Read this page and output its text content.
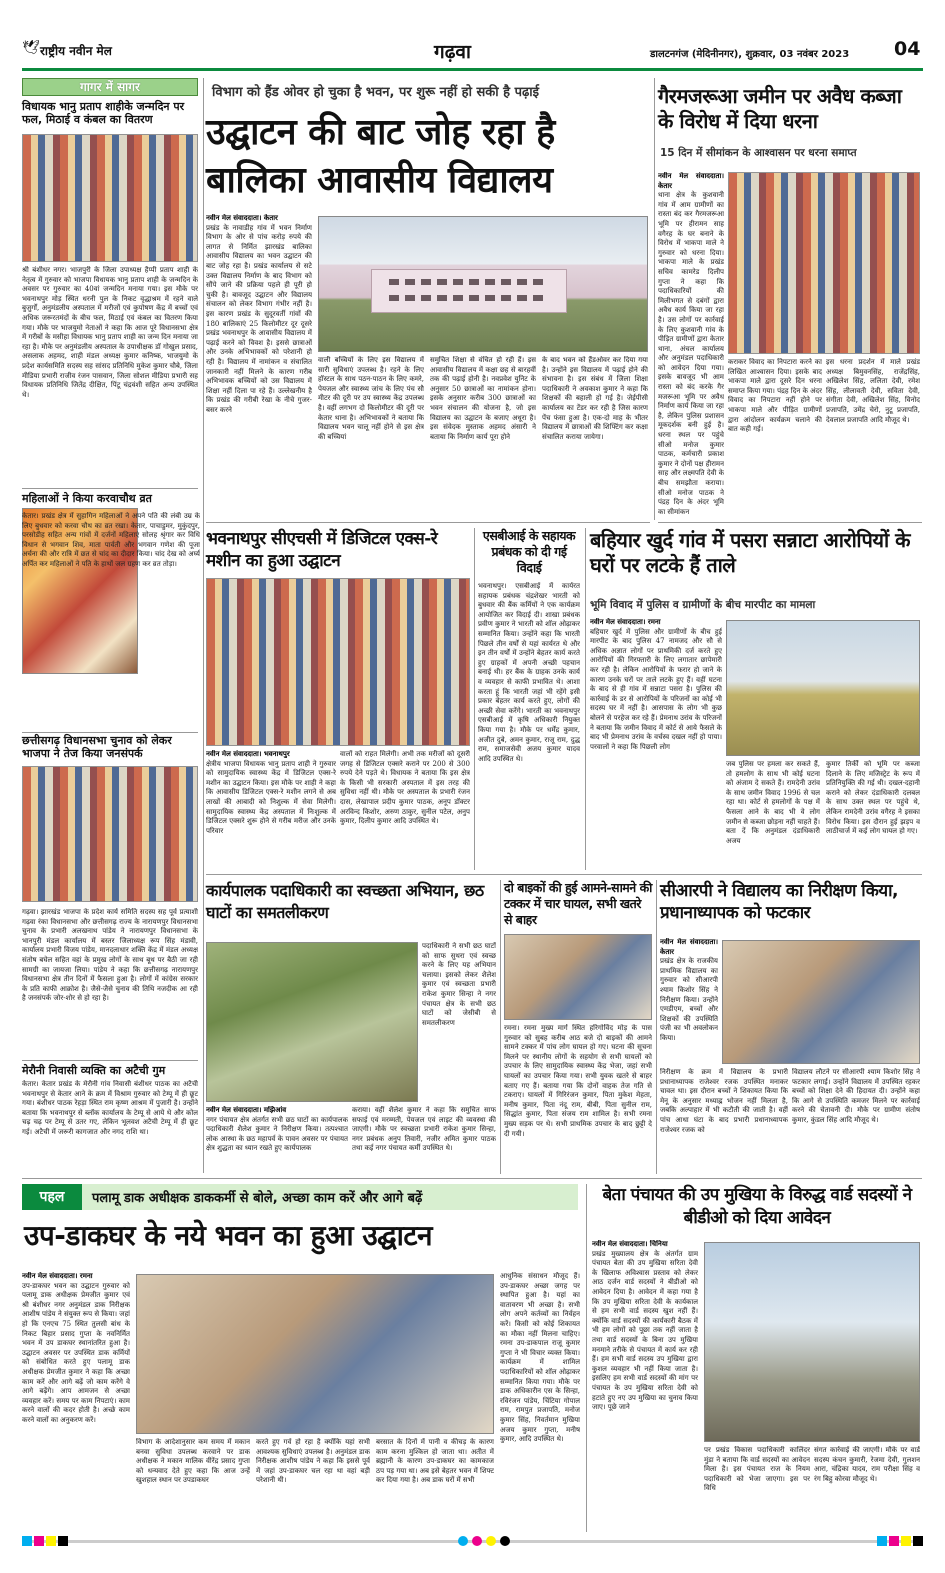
🕊 राष्ट्रीय नवीन मेल	गढ़वा	डालटनगंज (मेदिनीनगर), शुक्रवार, 03 नवंबर 2023 04
गागर में सागर
विधायक भानु प्रताप शाहीके जन्मदिन पर फल, मिठाई व कंबल का वितरण
श्री बंशीधर नगर। भाजपुरी के जिला उपाध्यक्ष हैप्पी प्रताप शाही के नेतृत्व में गुरुवार को भाजपा विधायक भानु प्रताप शाही के जन्मदिन के अवसर पर गुरुवार का 40वां जन्मदिन मनाया गया। इस मौके पर भवनाथपुर मोड़ स्थित धरनी पुल के निकट वृद्धाश्रम में रहने वाले बुजुर्गों, अनुमंडलीय अस्पताल में मरीजों एवं कुपोषण केंद्र में बच्चों एवं अधिक जरूरतमंदों के बीच फल, मिठाई एवं कंबल का वितरण किया गया। मौके पर भाजयुमो नेताओं ने कहा कि आज पूरे विधानसभा क्षेत्र में गरीबों के मसीहा विधायक भानु प्रताप शाही का जन्म दिन मनाया जा रहा है। मौके पर अनुमंडलीय अस्पताल के उपाधीक्षक डॉ गोखुल प्रसाद, असलाक अहमद, शाही मंडल अध्यक्ष कुमार कनिष्क, भाजयुमो के प्रदेश कार्यसमिति सदस्य सह सांसद प्रतिनिधि मुकेश कुमार चौबे, जिला मीडिया प्रभारी राजीव रंजन पासवान, जिला सोशल मीडिया प्रभारी सह विधायक प्रतिनिधि जितेंद्र दीक्षित, पिंटू चंद्रवंशी सहित अन्य उपस्थित थे।
महिलाओं ने किया करवाचौथ व्रत
केतार। प्रखंड क्षेत्र में सुहागिन महिलाओं ने अपने पति की लंबी उम्र के लिए बुधवार को करवा चौथ का व्रत रखा। केतार, पाचाडुमर, मुकुंदपुर, परसोडीह सहित अन्य गांवों में दर्जनों महिलाएं सोलह श्रृंगार कर विधि विधान से भगवान शिव, माता पार्वती और भगवान गणेश की पूजा अर्चना की और रात्रि में छत से चांद का दीदार किया। चांद देख को अर्घ्य अर्पित कर महिलाओं ने पति के हाथों जल ग्रहण कर व्रत तोड़ा।
छत्तीसगढ़ विधानसभा चुनाव को लेकर भाजपा ने तेज किया जनसंपर्क
गढ़वा। झारखंड भाजपा के प्रदेश कार्य समिति सदस्य सह पूर्व प्रत्याशी गढ़वा रंका विधानसभा और छत्तीसगढ़ राज्य के नारायणपुर विधानसभा चुनाव के प्रभारी अलखनाथ पांडेय ने नारायणपुर विधानसभा के भानपुरी मंडल कार्यालय में बस्तर जिलाध्यक्ष रूप सिंह मंडावी, कार्यालय प्रभारी विजय पांडेय, मानदलाधार शक्ति केंद्र में मंडल अध्यक्ष संतोष बघेल सहित वहां के प्रमुख लोगों के साथ बूथ पर बैठी जा रही सामग्री का जायजा लिया। पांडेय ने कहा कि छत्तीसगढ़ नारायणपुर विधानसभा क्षेत्र तीन दिनों में फैसला हुआ है। लोगों में कांग्रेस सरकार के प्रति काफी आक्रोश है। जैसे-जैसे चुनाव की तिथि नजदीक आ रही है जनसंपर्क जोर-शोर से हो रहा है।
मेरौनी निवासी व्यक्ति का अटैची गुम
केतार। केतार प्रखंड के मेरौनी गांव निवासी बंशीधर पाठक का अटैची भवनाथपुर से केतार आने के क्रम में विश्राम गुरुवार को टेम्पू में ही छूट गया। बंशीधर पाठक रेहड़ा स्थित राम कृष्ण आश्रम में पुजारी है। उन्होंने बताया कि भवनाथपुर से ब्लॉक कार्यालय के टेम्पू से आये थे और कोल चढ़ चढ़ पर टेम्पू से उतर गए, लेकिन भूलवश अटैची टेम्पू में ही छूट गई। अटैची में जरूरी कागजात और नगद राशि था।
विभाग को हैंड ओवर हो चुका है भवन, पर शुरू नहीं हो सकी है पढ़ाई
उद्घाटन की बाट जोह रहा है
बालिका आवासीय विद्यालय
नवीन मेल संवाददाता। केतार
प्रखंड के नावाडीह गांव में भवन निर्माण विभाग के ओर से पांच करोड़ रुपये की लागत से निर्मित झारखंड बालिका आवासीय विद्यालय का भवन उद्घाटन की बाट जोह रहा है। प्रखंड कार्यालय से सटे उक्त विद्यालय निर्माण के बाद विभाग को सौंपे जाने की प्रक्रिया पहले ही पूरी हो चुकी है। बावजूद उद्घाटन और विद्यालय संचालन को लेकर विभाग गंभीर नहीं है। इस कारण प्रखंड के सुदूरवर्ती गांवों की 180 बालिकाएं 25 किलोमीटर दूर दूसरे प्रखंड भवनाथपुर के आवासीय विद्यालय में पढ़ाई करने को विवश है। इससे छात्राओं और उनके अभिभावकों को परेशानी हो रही है। विद्यालय में नामांकन व संचालित जानकारी नहीं मिलने के कारण गरीब अभिभावक बच्चियों को उस विद्यालय में शिक्षा नहीं दिला पा रहे हैं। उल्लेखनीय है कि प्रखंड की गरीबी रेखा के नीचे गुजर-बसर करने
वाली बच्चियों के लिए इस विद्यालय में सारी सुविधाएं उपलब्ध है। रहने के लिए हॉस्टल के साथ पठन-पाठन के लिए कमरे, पेयजल और स्वास्थ्य जांच के लिए पंच सौ मीटर की दूरी पर उप स्वास्थ्य केंद्र उपलब्ध है। वहीं लगभग दो किलोमीटर की दूरी पर केतार थाना है। अभिभावकों ने बताया कि विद्यालय भवन चालू नहीं होने से इस क्षेत्र की बच्चियां
समुचित शिक्षा से वंचित हो रही हैं। इस आवासीय विद्यालय में कक्षा छह से बारहवीं तक की पढ़ाई होनी है। नवप्रवेश युनिट के अनुसार 50 छात्राओं का नामांकन होना। इसके अनुसार करीब 300 छात्राओं का भवन संचालन की योजना है, जो इस विद्यालय का उद्घाटन के बजाए अधूरा है। इस संवेदक मुस्ताक अहमद अंसारी ने बताया कि निर्माण कार्य पूरा होने
के बाद भवन को हैंडओवर कर दिया गया है। उन्होंने इस विद्यालय में पढ़ाई होने की संभावना है। इस संबंध में जिला शिक्षा पदाधिकारी ने अवकाश कुमार ने कहा कि शिक्षकों की बहाली हो गई है। जेईपीसी कार्यालय का टेंडर कर रही है जिस कारण पेंच फंसा हुआ है। एक-दो माह के भीतर विद्यालय में छात्राओं की शिफ्टिंग कर कक्षा संचालित कराया जायेगा।
गैरमजरूआ जमीन पर अवैध कब्जा के विरोध में दिया धरना
15 दिन में सीमांकन के आश्वासन पर धरना समाप्त
नवीन मेल संवाददाता। केतार
थाना क्षेत्र के कुशवानी गांव में आम ग्रामीणों का रास्ता बंद कर गैरमजरूआ भूमि पर हीरामन साह वगैरह के घर बनाने के विरोध में भाकपा माले ने गुरुवार को धरना दिया। भाकपा माले के प्रखंड सचिव कामरेड दिलीप गुप्ता ने कहा कि पदाधिकारियों की मिलीभगत से दबंगों द्वारा अवैध कार्य किया जा रहा है। उस लोगों पर कार्रवाई के लिए कुशवानी गांव के पीड़ित ग्रामीणों द्वारा केतार थाना, अंचल कार्यालय और अनुमंडल पदाधिकारी को आवेदन दिया गया। इसके बावजूद भी आम रास्ता को बंद करके गैर मजरूआ भूमि पर अवैध निर्माण कार्य किया जा रहा है, लेकिन पुलिस प्रशासन मूकदर्शक बनी हुई है। धरना स्थल पर पहुंचे सीओ मनोज कुमार पाठक, कर्मचारी प्रकाश कुमार ने दोनों पक्ष हीरामन साह और लक्ष्मपति देवी के बीच समझौता कराया। सीओ मनोज पाठक ने पंद्रह दिन के अंदर भूमि का सीमांकन
कराकर विवाद का निपटारा करने का लिखित आश्वासन दिया। इसके बाद भाकपा माले द्वारा दूसरे दिन धरना समाप्त किया गया। पंद्रह दिन के अंदर विवाद का निपटारा नहीं होने पर भाकपा माले और पीड़ित ग्रामीणों द्वारा आंदोलन कार्यक्रम चलाने की बात कही गई।
इस धरना प्रदर्शन में माले प्रखंड अध्यक्ष बिमुवनसिंह, राजेंद्रसिंह, अखिलेश सिंह, ललिता देवी, रमेश सिंह, लीलावती देवी, सविता देवी, संगीता देवी, अखिलेश सिंह, विनोद प्रजापति, उमेंद्र चेरो, नुटू प्रजापति, देवलाल प्रजापति आदि मौजूद थे।
भवनाथपुर सीएचसी में डिजिटल एक्स-रे मशीन का हुआ उद्घाटन
नवीन मेल संवाददाता। भवनाथपुर
क्षेत्रीय भाजपा विधायक भानु प्रताप शाही ने गुरुवार को सामुदायिक स्वास्थ्य केंद्र में डिजिटल एक्स-रे मशीन का उद्घाटन किया। इस मौके पर शाही ने कहा कि आवासीय डिजिटल एक्स-रे मशीन लगने से अब लाखों की आबादी को निशुल्क में सेवा मिलेगी। सामुदायिक स्वास्थ्य केंद्र अस्पताल में निःशुल्क में डिजिटल एक्सरे शुरू होने से गरीब मरीज और उनके परिवार
वालों को राहत मिलेगी। अभी तक मरीजों को दूसरी जगह से डिजिटल एक्सरे कराने पर 200 से 300 रुपये देने पड़ते थे। विधायक ने बताया कि इस क्षेत्र के किसी भी सरकारी अस्पताल में इस तरह की सुविधा नहीं थी। मौके पर अस्पताल के प्रभारी रंजन दास, लेखापाल प्रदीप कुमार पाठक, अनूप डॉक्टर अरविन्द किशोर, अरुण ठाकुर, सुनील पटेल, अनुप कुमार, दिलीप कुमार आदि उपस्थित थे।
एसबीआई के सहायक प्रबंधक को दी गई विदाई
भवनाथपुर। एसबीआई में कार्यरत सहायक प्रबंधक चंद्रशेखर भारती को बुधवार की बैंक कर्मियों ने एक कार्यक्रम आयोजित कर विदाई दी। शाखा प्रबंधक प्रवीण कुमार ने भारती को शॉल ओढ़ाकर सम्मानित किया। उन्होंने कहा कि भारती पिछले तीन वर्षों से यहां कार्यरत थे और इन तीन वर्षों में उन्होंने बेहतर कार्य करते हुए ग्राहकों में अपनी अच्छी पहचान बनाई थी। हर बैंक के ग्राहक उनके कार्य व व्यवहार से काफी प्रभावित थे। आशा करता हूं कि भारती जहां भी रहेंगे इसी प्रकार बेहतर कार्य करते हुए, लोगों की अच्छी सेवा करेंगे। भारती का भवनाथपुर एसबीआई में कृषि अधिकारी नियुक्त किया गया है। मौके पर धर्मेंद्र कुमार, अजीत दुबे, अमन कुमार, राजू राम, दुद्ध राम, समाजसेवी अजय कुमार यादव आदि उपस्थित थे।
बहियार खुर्द गांव में पसरा सन्नाटा आरोपियों के घरों पर लटके हैं ताले
भूमि विवाद में पुलिस व ग्रामीणों के बीच मारपीट का मामला
नवीन मेल संवाददाता। रमना
बहियार खुर्द में पुलिस और ग्रामीणों के बीच हुई मारपीट के बाद पुलिस 47 नामजद और सौ से अधिक अज्ञात लोगों पर प्राथमिकी दर्ज करते हुए आरोपियों की गिरफ्तारी के लिए लगातार छापेमारी कर रही है। लेकिन आरोपियों के फरार हो जाने के कारण उनके घरों पर ताले लटके हुए हैं। वहीं घटना के बाद से ही गांव में सन्नाटा पसरा है। पुलिस की कार्रवाई के डर से आरोपियों के परिजनों का कोई भी सदस्य घर में नहीं है। आसपास के लोग भी कुछ बोलने से परहेज कर रहे हैं। प्रेमनाथ उरांव के परिजनों ने बताया कि जमीन विवाद में कोर्ट से आये फैसले के बाद भी प्रेमनाथ उरांव के वर्चस्व दखल नहीं हो पाया। परवालों ने कहा कि पिछली लोग
जब पुलिस पर हमला कर सकते हैं, तो हमलोग के साथ भी कोई घटना को अंजाम दे सकते हैं। रामदेनी उरांव के साथ जमीन विवाद 1996 से चल रहा था। कोर्ट से हमलोगों के पक्ष में फैसला आने के बाद भी वे लोग जमीन से कब्जा छोड़ना नहीं चाहते हैं। बता दें कि अनुमंडल दंडाधिकारी अजय
कुमार तिर्की को भूमि पर कब्जा दिलाने के लिए मजिस्ट्रेट के रूप में प्रतिनियुक्ति की गई थी। दखल-दहानी कराने को लेकर दंडाधिकारी दलबल के साथ उक्त स्थल पर पहुंचे थे, लेकिन रामदेनी उरांव वगैरह ने इसका विरोध किया। इस दौरान हुई झड़प व लाठीचार्ज में कई लोग घायल हो गए।
कार्यपालक पदाधिकारी का स्वच्छता अभियान, छठ घाटों का समतलीकरण
पदाधिकारी ने सभी छठ घाटों को साफ सुथरा एवं स्वच्छ करने के लिए यह अभियान चलाया। इसको लेकर शैलेश कुमार एवं स्वच्छता प्रभारी राकेश कुमार सिन्हा ने नगर पंचायत क्षेत्र के सभी छठ घाटों को जेसीबी से समतलीकरण
नवीन मेल संवाददाता। मझिआंव
नगर पंचायत क्षेत्र अंतर्गत सभी छठ घाटों का कार्यपालक पदाधिकारी शैलेश कुमार ने निरीक्षण किया। तत्पश्चात लोक आस्था के छठ महापर्व के पावन अवसर पर पंचायत क्षेत्र शुद्धता का ध्यान रखते हुए कार्यपालक
कराया। वहीं शैलेश कुमार ने कहा कि समुचित साफ सफाई एवं मरम्मती, पेयजल एवं लाइट की व्यवस्था की जाएगी। मौके पर स्वच्छता प्रभारी राकेश कुमार सिन्हा, नगर प्रबंधक अनुप तिवारी, नजीर अमित कुमार पाठक तथा कई नगर पंचायत कर्मी उपस्थित थे।
दो बाइकों की हुई आमने-सामने की टक्कर में चार घायल, सभी खतरे से बाहर
रमना। रमना मुख्य मार्ग स्थित हरिगोविंद मोड़ के पास गुरुवार को सुबह करीब आठ बजे दो बाइकों की आमने सामने टक्कर में पांच लोग घायल हो गए। घटना की सूचना मिलने पर स्थानीय लोगों के सहयोग से सभी घायलों को उपचार के लिए सामुदायिक स्वास्थ्य केंद्र भेजा, जहां सभी घायलों का उपचार किया गया। सभी युवक खतरे से बाहर बताए गए हैं। बताया गया कि दोनों वाहक तेज गति से टकराए। घायलों में गिरिरंजन कुमार, पिता मुकेश मेहता, मनीष कुमार, पिता नंदू राम, बीबी, पिता सुनील राम, सिद्धांत कुमार, पिता संजय राम शामिल है। सभी रमना मुख्य सड़क पर थे। सभी प्राथमिक उपचार के बाद छुट्टी दे दी गयी।
सीआरपी ने विद्यालय का निरीक्षण किया, प्रधानाध्यापक को फटकार
नवीन मेल संवाददाता। केतार
प्रखंड क्षेत्र के राजकीय प्राथमिक विद्यालय का गुरुवार को सीआरपी श्याम किशोर सिंह ने निरीक्षण किया। उन्होंने एमडीएम, बच्चों और शिक्षकों की उपस्थिति पंजी का भी अवलोकन किया।
निरीक्षण के क्रम में विद्यालय के प्रभारी प्रधानाध्यापक राजेश्वर रजक उपस्थित मनाकर चावल था। इस दौरान बच्चों ने शिकायत किया कि मेनू के अनुसार मध्याह्न भोजन नहीं मिलता है, जबकि अल्पाहार में भी कटौती की जाती है। वहीं पांच आधा घंटा के बाद प्रभारी प्रधानाध्यापक राजेश्वर रजक को
विद्यालय लौटने पर सीआरपी श्याम किशोर सिंह ने फटकार लगाई। उन्होंने विद्यालय में उपस्थित रहकर बच्चों को शिक्षा देने की हिदायत दी। उन्होंने कहा कि आगे से उपस्थिति कमजर मिलने पर कार्रवाई करने की चेतावनी दी। मौके पर ग्रामीण संतोष कुमार, कुंडल सिंह आदि मौजूद थे।
पहल	पलामू डाक अधीक्षक डाककर्मी से बोले, अच्छा काम करें और आगे बढ़ें
उप-डाकघर के नये भवन का हुआ उद्घाटन
नवीन मेल संवाददाता। रमना
उप-डाकघर भवन का उद्घाटन गुरुवार को पलामू डाक अधीक्षक प्रेमजीत कुमार एवं श्री बंशीधर नगर अनुमंडल डाक निरीक्षक आशीष पांडेय ने संयुक्त रूप से किया। जहां हो कि एनएच 75 स्थित तुलसी बांध के निकट बिहार प्रसाद गुप्ता के नवनिर्मित भवन में उप डाकघर स्थानांतरित हुआ है। उद्घाटन अवसर पर उपस्थित डाक कर्मियों को संबोधित करते हुए पलामू डाक अधीक्षक प्रेमजीत कुमार ने कहा कि अच्छा काम करें और आगे बढ़ें जो काम करेंगे वे आगे बढ़ेंगे। आप आमजन से अच्छा व्यवहार करें। समय पर काम निपटाएं। काम करने वालों की कदर होती है। अच्छे काम करने वालों का अनुकरण करें।
विभाग के आदेशानुसार कम समय में मकान बनवा सुविधा उपलब्ध करवाने पर डाक अधीक्षक ने मकान मालिक वीरेंद्र प्रसाद गुप्ता को धन्यवाद देते हुए कहा कि आज उन्हें खुशहाल स्थान पर उपडाकघर
करते हुए गर्व हो रहा है क्योंकि यहां सभी आवश्यक सुविधाएं उपलब्ध है। अनुमंडल डाक निरीक्षक आशीष पांडेय ने कहा कि इससे पूर्व में जहां उप-डाकघर चल रहा था वहां बड़ी परेशानी थी।
बरसात के दिनों में पानी व कीचड़ के कारण काम करना मुश्किल हो जाता था। अतीत में ब्रह्मानी के कारण उप-डाकघर का कामकाज ठप पड़ गया था। अब इसे बेहतर भवन में शिफ्ट कर दिया गया है। अब डाक घरों में सभी
आधुनिक संसाधन मौजूद हैं। उप-डाकघर अच्छा जगह पर स्थापित हुआ है। यहां का वातावरण भी अच्छा है। सभी लोग अपने कर्तव्यों का निर्वहन करें। किसी को कोई शिकायत का मौका नहीं मिलना चाहिए। रमना उप-डाकपाल राजू कुमार गुप्ता ने भी विचार व्यक्त किया। कार्यक्रम में शामिल पदाधिकारियों को शॉल ओढ़ाकर सम्मानित किया गया। मौके पर डाक अधिकारीन एस के सिन्हा, रविरंजन पांडेय, चिंटिया गोपाल राम, रामपुत प्रजापति, मनोज कुमार सिंह, निवर्तमान मुखिया अजय कुमार गुप्ता, मनीष कुमार, आदि उपस्थित थे।
बेता पंचायत की उप मुखिया के विरुद्ध वार्ड सदस्यों ने बीडीओ को दिया आवेदन
नवीन मेल संवाददाता। चिनिया
प्रखंड मुख्यालय क्षेत्र के अंतर्गत ग्राम पंचायत बेता की उप मुखिया सरिता देवी के खिलाफ अविश्वास प्रस्ताव को लेकर आठ दर्जन वार्ड सदस्यों ने बीडीओ को आवेदन दिया है। आवेदन में कहा गया है कि उप मुखिया सरिता देवी के कार्यकाल से हम सभी वार्ड सदस्य खुश नहीं हैं। क्योंकि वार्ड सदस्यों की कार्यकारी बैठक में भी हम लोगों को पूछा तक नहीं जाता है तथा वार्ड सदस्यों के बिना उप मुखिया मनमाने तरीके से पंचायत में कार्य कर रही हैं। हम सभी वार्ड सदस्य उप मुखिया द्वारा कुशल व्यवहार भी नहीं किया जाता है। इसलिए हम सभी वार्ड सदस्यों की मांग पर पंचायत के उप मुखिया सरिता देवी को हटाते हुए नए उप मुखिया का चुनाव किया जाए। पूछे जाने
पर प्रखंड विकास पदाधिकारी कालिंदर मुंडा ने बताया कि वार्ड सदस्यों का आवेदन मिला है। इस पंचायत राज के नियम पदाधिकारी को भेजा जाएगा। इस पर विधि
संगत कार्रवाई की जाएगी। मौके पर वार्ड सदस्य कंचन कुमारी, रेजमा देवी, गुलशन आरा, चंद्रिका यादव, राम परीक्षा सिंह व रंग बिहु कोरवा मौजूद थे।
